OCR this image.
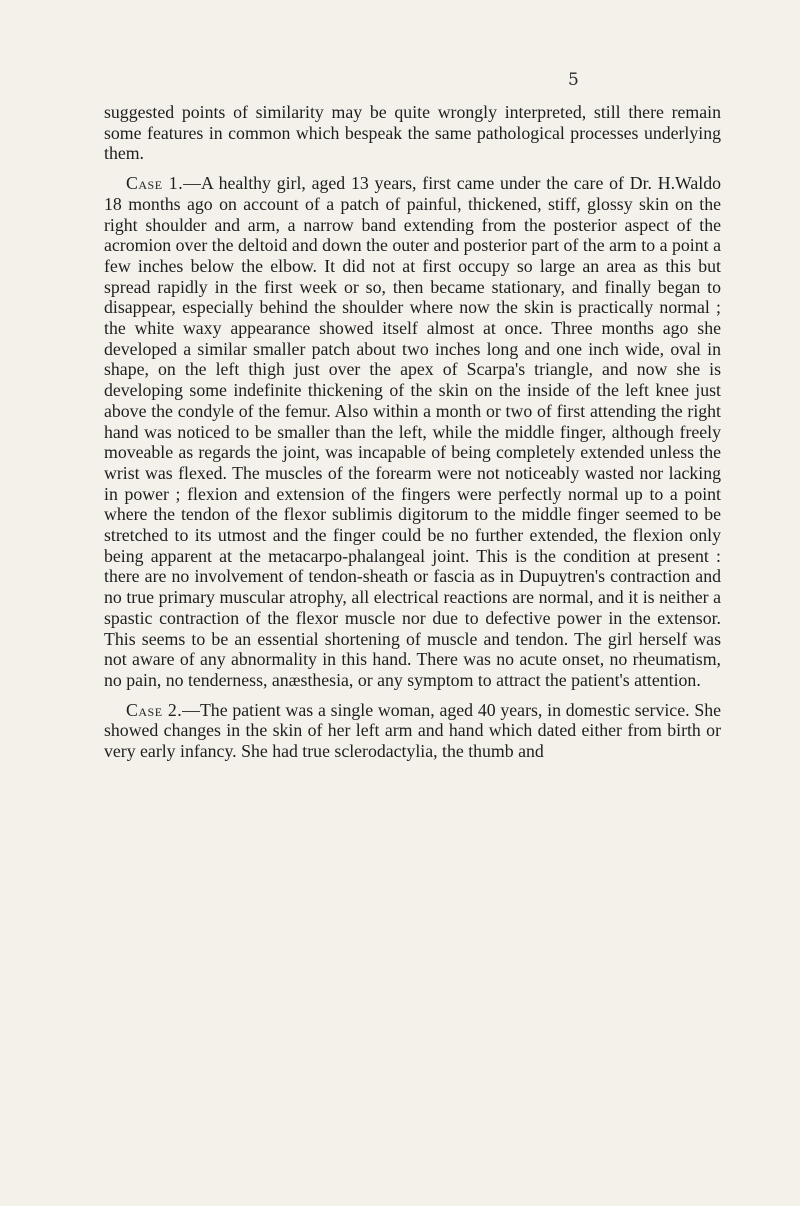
5

suggested points of similarity may be quite wrongly interpreted, still there remain some features in common which bespeak the same pathological processes underlying them.

Case 1.—A healthy girl, aged 13 years, first came under the care of Dr. H.Waldo 18 months ago on account of a patch of painful, thickened, stiff, glossy skin on the right shoulder and arm, a narrow band extending from the posterior aspect of the acromion over the deltoid and down the outer and posterior part of the arm to a point a few inches below the elbow. It did not at first occupy so large an area as this but spread rapidly in the first week or so, then became stationary, and finally began to disappear, especially behind the shoulder where now the skin is practically normal ; the white waxy appearance showed itself almost at once. Three months ago she developed a similar smaller patch about two inches long and one inch wide, oval in shape, on the left thigh just over the apex of Scarpa's triangle, and now she is developing some indefinite thickening of the skin on the inside of the left knee just above the condyle of the femur. Also within a month or two of first attending the right hand was noticed to be smaller than the left, while the middle finger, although freely moveable as regards the joint, was incapable of being completely extended unless the wrist was flexed. The muscles of the forearm were not noticeably wasted nor lacking in power ; flexion and extension of the fingers were perfectly normal up to a point where the tendon of the flexor sublimis digitorum to the middle finger seemed to be stretched to its utmost and the finger could be no further extended, the flexion only being apparent at the metacarpo-phalangeal joint. This is the condition at present : there are no involvement of tendon-sheath or fascia as in Dupuytren's contraction and no true primary muscular atrophy, all electrical reactions are normal, and it is neither a spastic contraction of the flexor muscle nor due to defective power in the extensor. This seems to be an essential shortening of muscle and tendon. The girl herself was not aware of any abnormality in this hand. There was no acute onset, no rheumatism, no pain, no tenderness, anæsthesia, or any symptom to attract the patient's attention.

Case 2.—The patient was a single woman, aged 40 years, in domestic service. She showed changes in the skin of her left arm and hand which dated either from birth or very early infancy. She had true sclerodactylia, the thumb and
